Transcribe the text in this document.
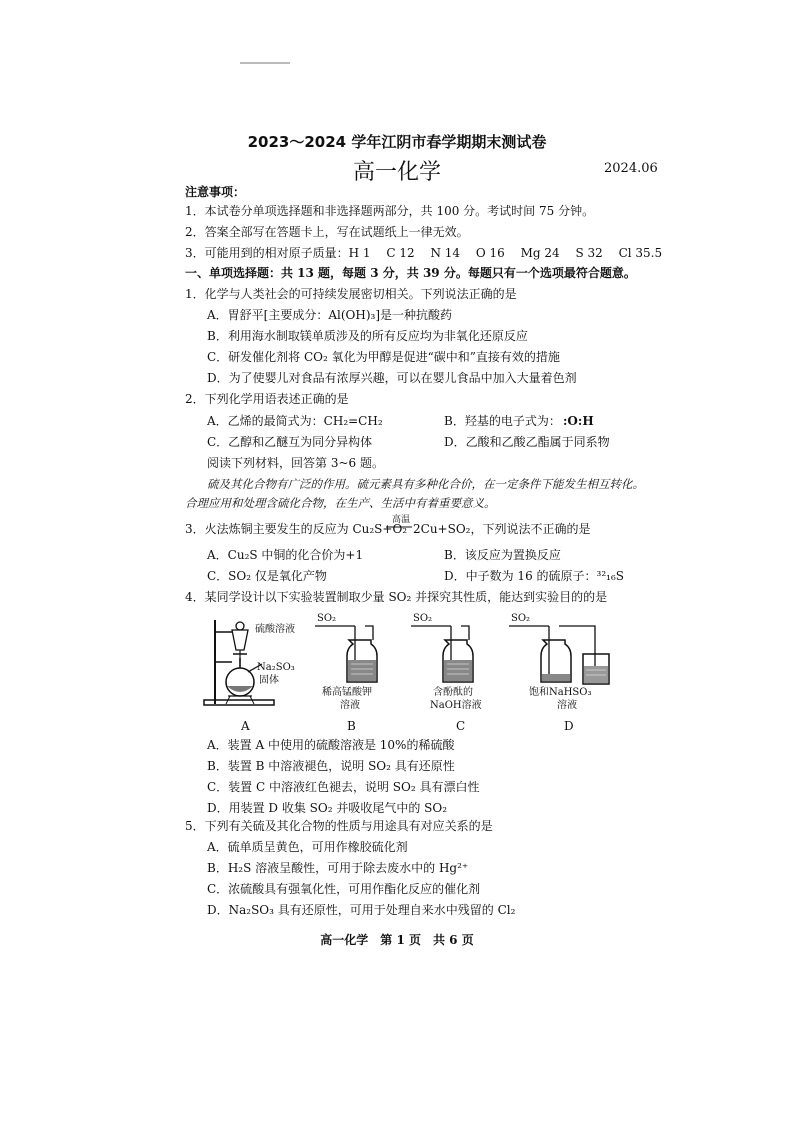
2023～2024 学年江阴市春学期期末测试卷
高一化学	2024.06
注意事项：
1．本试卷分单项选择题和非选择题两部分，共 100 分。考试时间 75 分钟。
2．答案全部写在答题卡上，写在试题纸上一律无效。
3．可能用到的相对原子质量：H 1　 C 12　 N 14　 O 16　 Mg 24　 S 32　 Cl 35.5
一、单项选择题：共 13 题，每题 3 分，共 39 分。每题只有一个选项最符合题意。
1．化学与人类社会的可持续发展密切相关。下列说法正确的是
A．胃舒平[主要成分：Al(OH)₃]是一种抗酸药
B．利用海水制取镁单质涉及的所有反应均为非氧化还原反应
C．研发催化剂将 CO₂ 氧化为甲醇是促进“碳中和”直接有效的措施
D．为了使婴儿对食品有浓厚兴趣，可以在婴儿食品中加入大量着色剂
2．下列化学用语表述正确的是
A．乙烯的最简式为：CH₂=CH₂	B．羟基的电子式为： :O:H
C．乙醇和乙醚互为同分异构体	D．乙酸和乙酸乙酯属于同系物
阅读下列材料，回答第 3~6 题。
硫及其化合物有广泛的作用。硫元素具有多种化合价，在一定条件下能发生相互转化。
合理应用和处理含硫化合物，在生产、生活中有着重要意义。
3．火法炼铜主要发生的反应为 Cu₂S+O₂
高温
2Cu+SO₂，下列说法不正确的是
A．Cu₂S 中铜的化合价为+1	B．该反应为置换反应
C．SO₂ 仅是氧化产物	D．中子数为 16 的硫原子：³²₁₆S
4．某同学设计以下实验装置制取少量 SO₂ 并探究其性质，能达到实验目的的是
硫酸溶液
Na₂SO₃
固体
A
SO₂
稀高锰酸钾
溶液
B
SO₂
含酚酞的
NaOH溶液
C
SO₂
饱和NaHSO₃
溶液
D
A．装置 A 中使用的硫酸溶液是 10%的稀硫酸
B．装置 B 中溶液褪色，说明 SO₂ 具有还原性
C．装置 C 中溶液红色褪去，说明 SO₂ 具有漂白性
D．用装置 D 收集 SO₂ 并吸收尾气中的 SO₂
5．下列有关硫及其化合物的性质与用途具有对应关系的是
A．硫单质呈黄色，可用作橡胶硫化剂
B．H₂S 溶液呈酸性，可用于除去废水中的 Hg²⁺
C．浓硫酸具有强氧化性，可用作酯化反应的催化剂
D．Na₂SO₃ 具有还原性，可用于处理自来水中残留的 Cl₂
高一化学　第 1 页　共 6 页
